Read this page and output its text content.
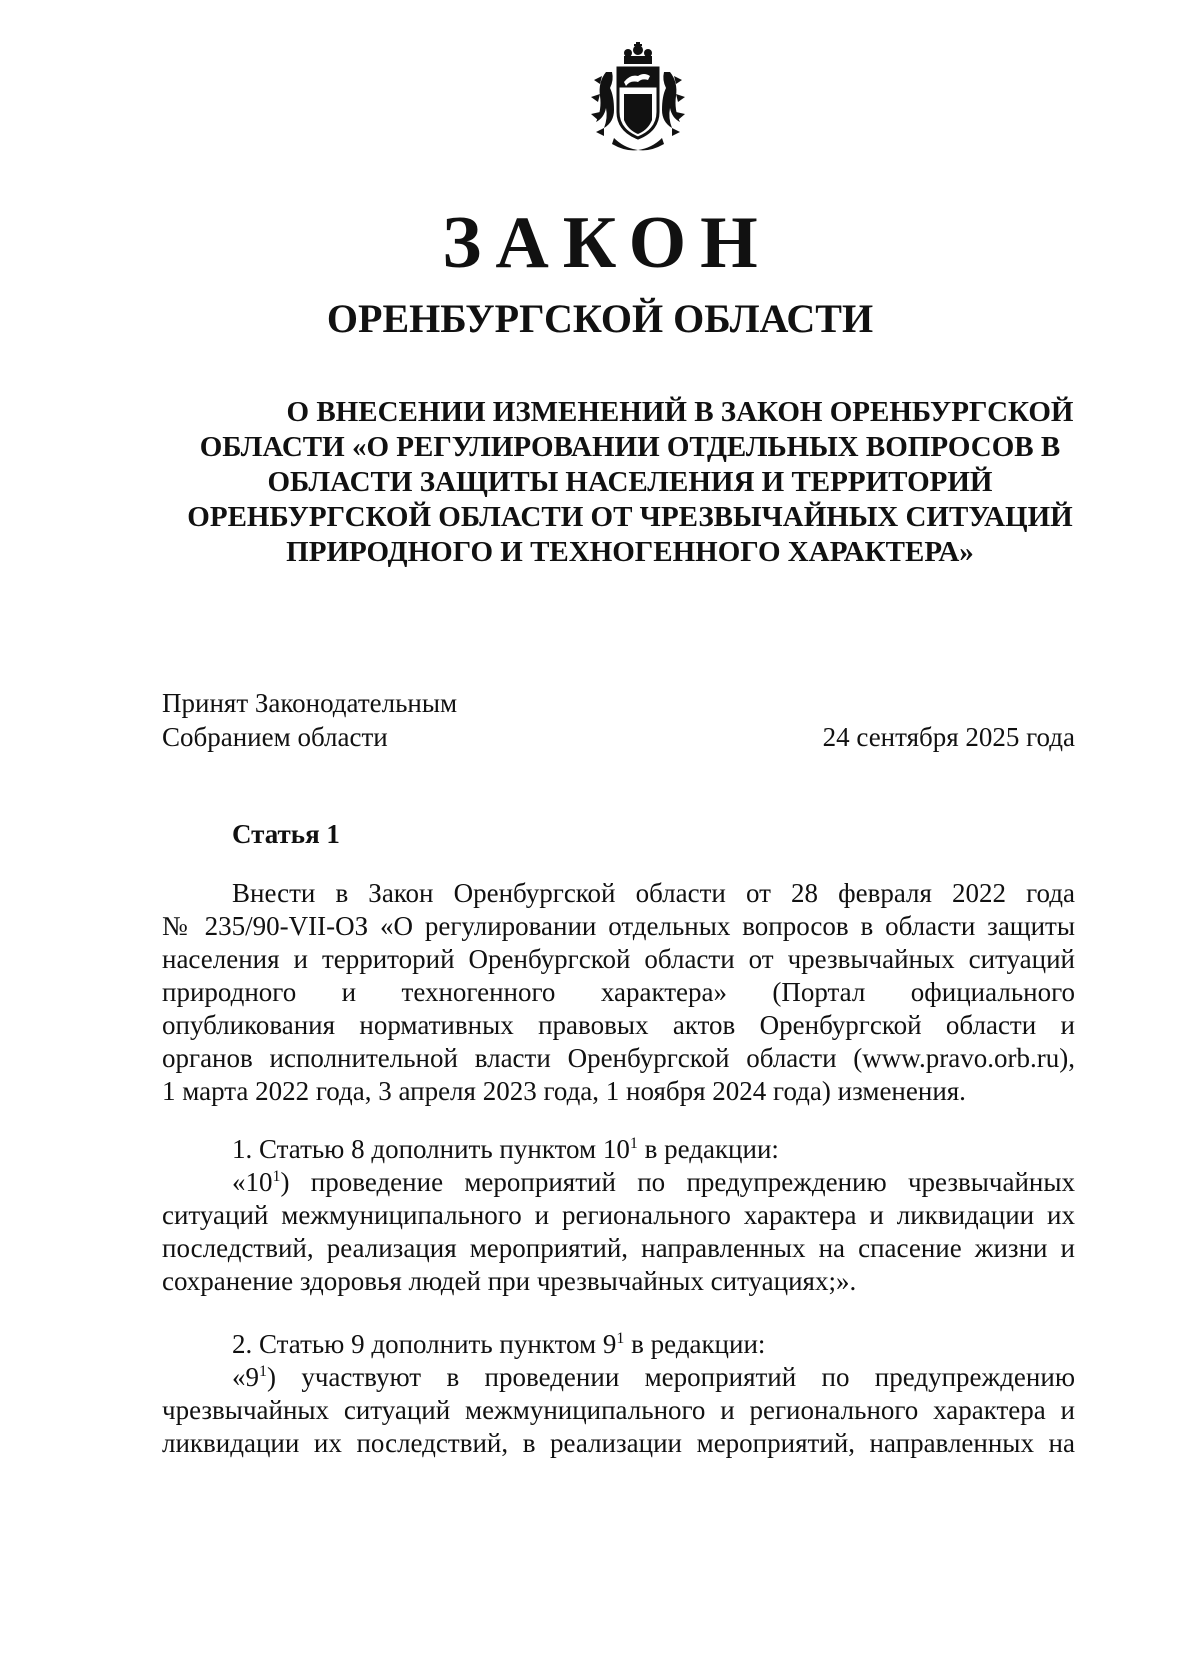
ЗАКОН
ОРЕНБУРГСКОЙ ОБЛАСТИ
О ВНЕСЕНИИ ИЗМЕНЕНИЙ В ЗАКОН ОРЕНБУРГСКОЙ
ОБЛАСТИ «О РЕГУЛИРОВАНИИ ОТДЕЛЬНЫХ ВОПРОСОВ В
ОБЛАСТИ ЗАЩИТЫ НАСЕЛЕНИЯ И ТЕРРИТОРИЙ
ОРЕНБУРГСКОЙ ОБЛАСТИ ОТ ЧРЕЗВЫЧАЙНЫХ СИТУАЦИЙ
ПРИРОДНОГО И ТЕХНОГЕННОГО ХАРАКТЕРА»
Принят Законодательным
Собранием области	24 сентября 2025 года
Статья 1
Внести в Закон Оренбургской области от 28 февраля 2022 года
№ 235/90-VII-ОЗ «О регулировании отдельных вопросов в области защиты
населения и территорий Оренбургской области от чрезвычайных ситуаций
природного и техногенного характера» (Портал официального
опубликования нормативных правовых актов Оренбургской области и
органов исполнительной власти Оренбургской области (www.pravo.orb.ru),
1 марта 2022 года, 3 апреля 2023 года, 1 ноября 2024 года) изменения.
1. Статью 8 дополнить пунктом $10^1$ в редакции:
«$10^1$) проведение мероприятий по предупреждению чрезвычайных
ситуаций межмуниципального и регионального характера и ликвидации их
последствий, реализация мероприятий, направленных на спасение жизни и
сохранение здоровья людей при чрезвычайных ситуациях;».
2. Статью 9 дополнить пунктом $9^1$ в редакции:
«$9^1$) участвуют в проведении мероприятий по предупреждению
чрезвычайных ситуаций межмуниципального и регионального характера и
ликвидации их последствий, в реализации мероприятий, направленных на
